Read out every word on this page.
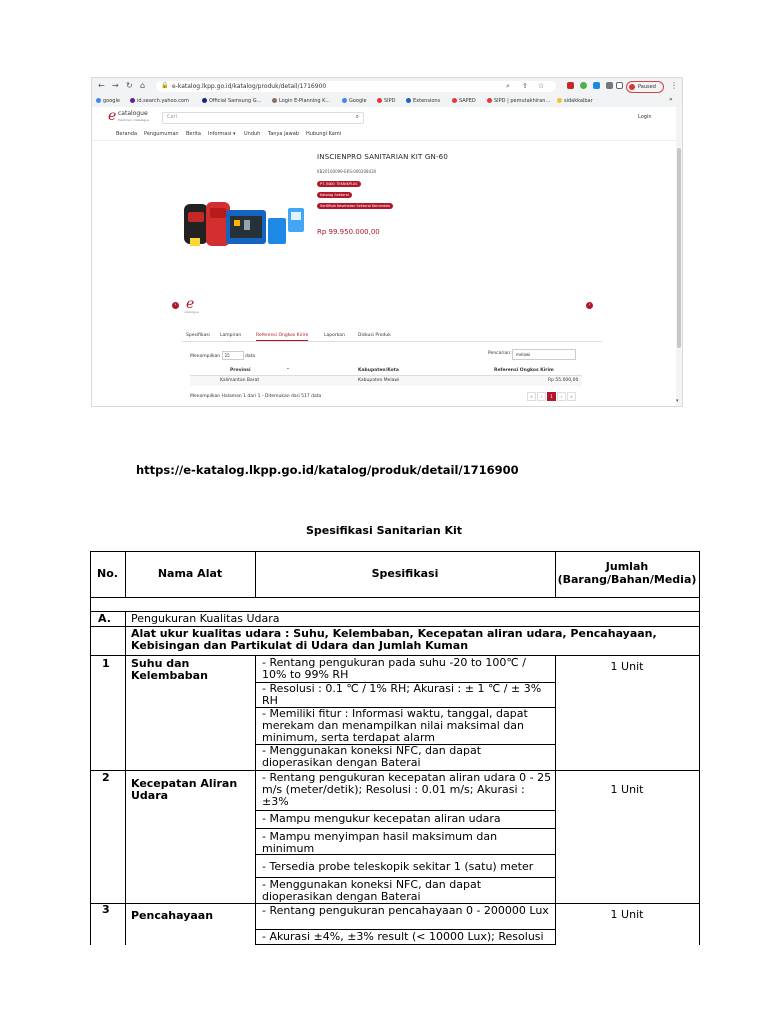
← → ↻ ⌂	🔒 e-katalog.lkpp.go.id/katalog/produk/detail/1716900	⌕ ⇪ ☆	Paused ⋮
google	id.search.yahoo.com	Official Samsung G...	Login E-Planning K...	Google	SIPD	Extensions	SAPED	SIPD | pemutakhiran...	sidakkalbar	»
e catalogue
Electronic Catalogue	Cari	⌕	Login
Beranda Pengumuman Berita Informasi ▾ Unduh Tanya Jawab Hubungi Kami
INSCIENPRO SANITARIAN KIT GN-60
KB20100099-EKS-000208430
PT. INDO TEKNIKPLUS
Katalog Sektoral
Sertifikat Kesehatan Sektoral Kemenkes
Rp 99.950.000,00
e
catalogue
‹	›
Spesifikasi Lampiran	Referensi Ongkos Kirim	Laporkan	Diskusi Produk
Menampilkan 25	data
Pencarian:	melawi
Provinsi	⌃	Kabupaten/Kota	Referensi Ongkos Kirim
Kalimantan Barat	Kabupaten Melawi	Rp 55.000,00
Menampilkan Halaman 1 dari 1 - Ditemukan dari 517 data	« ‹ 1 › »
▾
https://e-katalog.lkpp.go.id/katalog/produk/detail/1716900
Spesifikasi Sanitarian Kit
No.	Nama Alat	Spesifikasi
Jumlah
(Barang/Bahan/Media)
A. Pengukuran Kualitas Udara
Alat ukur kualitas udara : Suhu, Kelembaban, Kecepatan aliran udara, Pencahayaan, Kebisingan dan Partikulat di Udara dan Jumlah Kuman
1 Suhu dan Kelembaban
1 Unit
- Rentang pengukuran pada suhu -20 to 100℃ / 10% to 99% RH
- Resolusi : 0.1 ℃ / 1% RH; Akurasi : ± 1 ℃ / ± 3% RH
- Memiliki fitur : Informasi waktu, tanggal, dapat merekam dan menampilkan nilai maksimal dan minimum, serta terdapat alarm
- Menggunakan koneksi NFC, dan dapat dioperasikan dengan Baterai
2 Kecepatan Aliran Udara	1 Unit
- Rentang pengukuran kecepatan aliran udara 0 - 25 m/s (meter/detik); Resolusi : 0.01 m/s; Akurasi : ±3%
- Mampu mengukur kecepatan aliran udara
- Mampu menyimpan hasil maksimum dan minimum
- Tersedia probe teleskopik sekitar 1 (satu) meter
- Menggunakan koneksi NFC, dan dapat dioperasikan dengan Baterai
3 Pencahayaan	1 Unit
- Rentang pengukuran pencahayaan 0 - 200000 Lux
- Akurasi ±4%, ±3% result (< 10000 Lux); Resolusi
